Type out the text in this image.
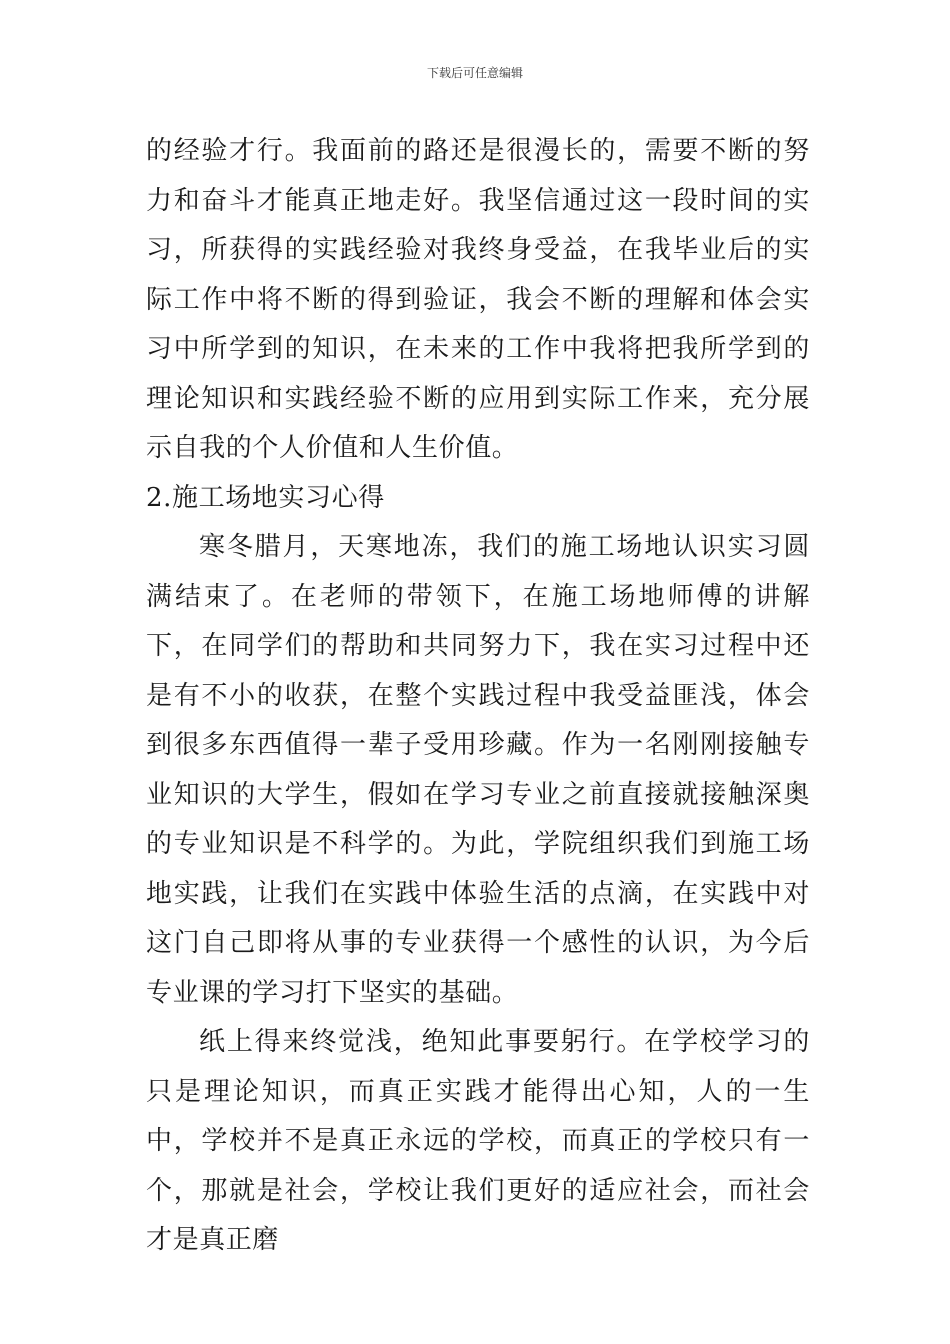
下载后可任意编辑

的经验才行。我面前的路还是很漫长的，需要不断的努力和奋斗才能真正地走好。我坚信通过这一段时间的实习，所获得的实践经验对我终身受益，在我毕业后的实际工作中将不断的得到验证，我会不断的理解和体会实习中所学到的知识，在未来的工作中我将把我所学到的理论知识和实践经验不断的应用到实际工作来，充分展示自我的个人价值和人生价值。

2.施工场地实习心得

寒冬腊月，天寒地冻，我们的施工场地认识实习圆满结束了。在老师的带领下，在施工场地师傅的讲解下，在同学们的帮助和共同努力下，我在实习过程中还是有不小的收获，在整个实践过程中我受益匪浅，体会到很多东西值得一辈子受用珍藏。作为一名刚刚接触专业知识的大学生，假如在学习专业之前直接就接触深奥的专业知识是不科学的。为此，学院组织我们到施工场地实践，让我们在实践中体验生活的点滴，在实践中对这门自己即将从事的专业获得一个感性的认识，为今后专业课的学习打下坚实的基础。

纸上得来终觉浅，绝知此事要躬行。在学校学习的只是理论知识，而真正实践才能得出心知，人的一生中，学校并不是真正永远的学校，而真正的学校只有一个，那就是社会，学校让我们更好的适应社会，而社会才是真正磨
